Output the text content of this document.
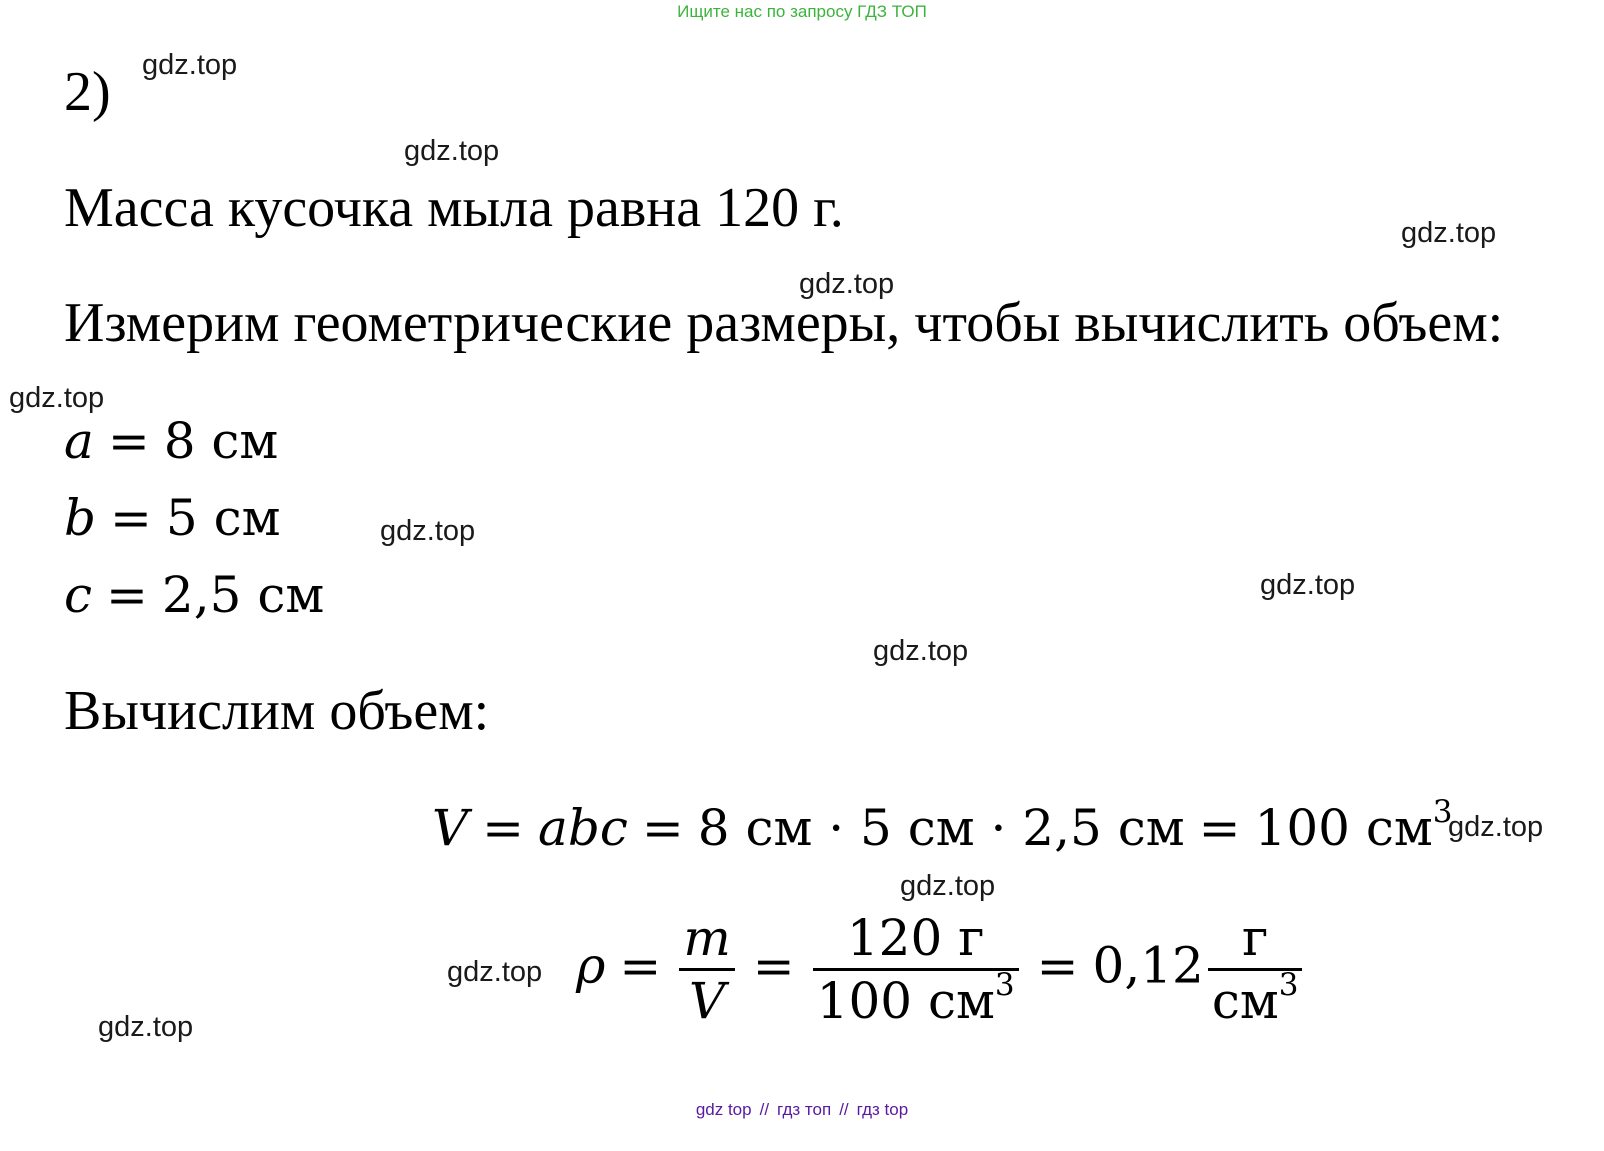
Ищите нас по запросу ГДЗ ТОП
gdz.top
gdz.top
gdz.top
gdz.top
gdz.top
gdz.top
gdz.top
gdz.top
gdz.top
gdz.top
gdz.top
gdz.top
2)
Масса кусочка мыла равна 120 г.
Измерим геометрические размеры, чтобы вычислить объем:
a = 8 см
b = 5 см
c = 2,5 см
Вычислим объем:
V = abc = 8 см · 5 см · 2,5 см = 100 $см^3$
$\rho = \frac{m}{V} = \frac{120 г}{100 см^3} = 0,12 \frac{г}{см^3}$
gdz top // гдз топ // гдз top
